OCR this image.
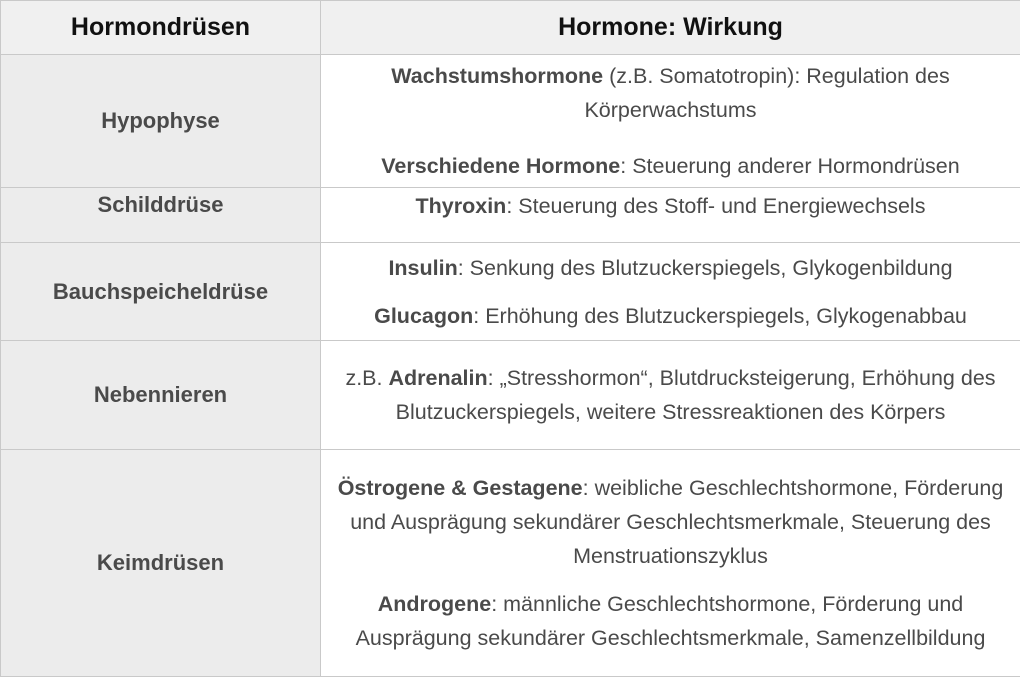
Hormondrüsen	Hormone: Wirkung
Hypophyse	Wachstumshormone (z.B. Somatotropin): Regulation des Körperwachstums
Verschiedene Hormone: Steuerung anderer Hormondrüsen

Schilddrüse	Thyroxin: Steuerung des Stoff- und Energiewechsels

Bauchspeicheldrüse	Insulin: Senkung des Blutzuckerspiegels, Glykogenbildung
Glucagon: Erhöhung des Blutzuckerspiegels, Glykogenabbau

Nebennieren	z.B. Adrenalin: „Stresshormon“, Blutdrucksteigerung, Erhöhung des Blutzuckerspiegels, weitere Stressreaktionen des Körpers

Keimdrüsen	Östrogene & Gestagene: weibliche Geschlechtshormone, Förderung und Ausprägung sekundärer Geschlechtsmerkmale, Steuerung des Menstruationszyklus
Androgene: männliche Geschlechtshormone, Förderung und Ausprägung sekundärer Geschlechtsmerkmale, Samenzellbildung
